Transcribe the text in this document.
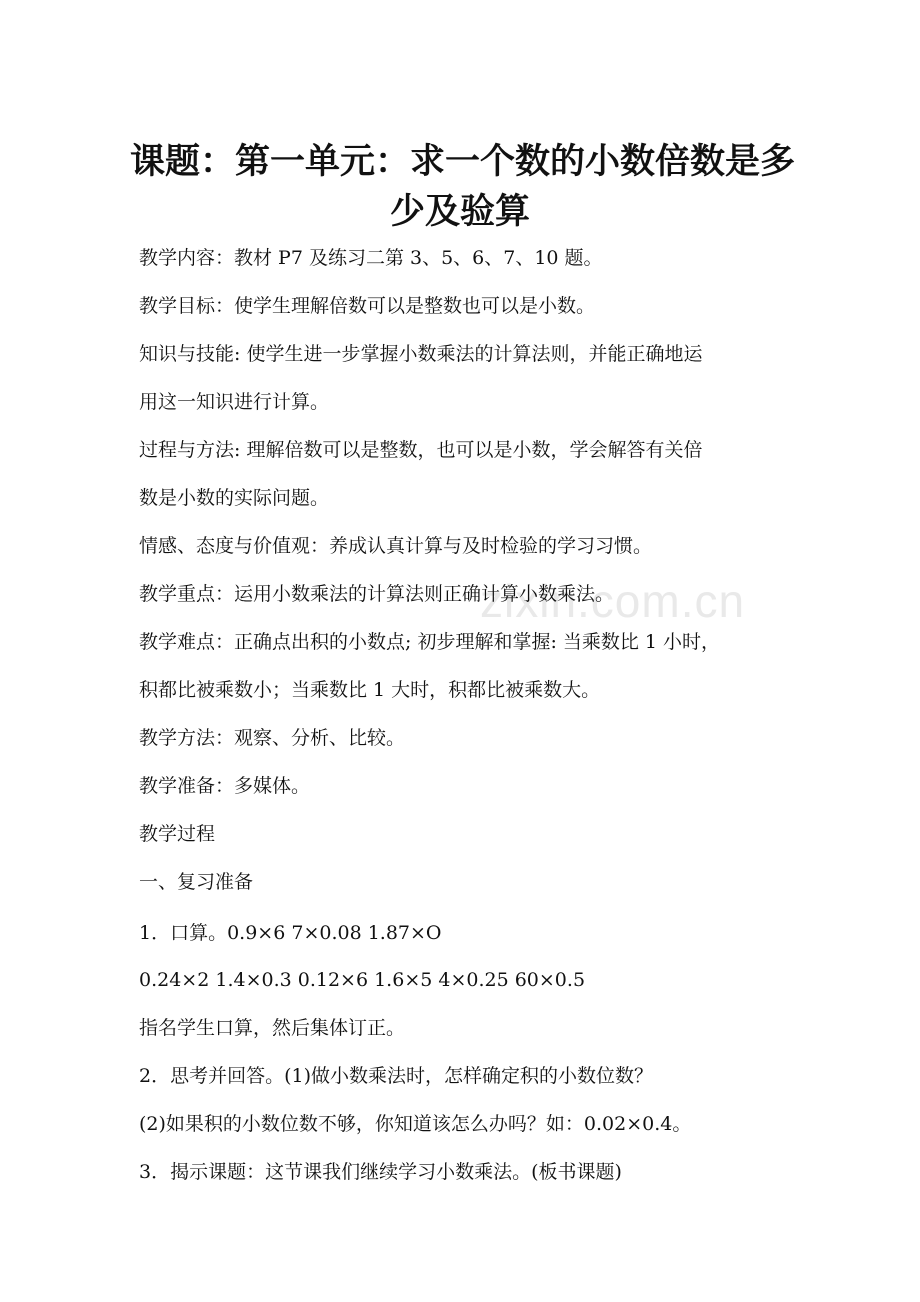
zixin.com.cn
课题：第一单元：求一个数的小数倍数是多
少及验算

教学内容：教材 P7 及练习二第 3、5、6、7、10 题。

教学目标：使学生理解倍数可以是整数也可以是小数。

知识与技能: 使学生进一步掌握小数乘法的计算法则，并能正确地运

用这一知识进行计算。

过程与方法: 理解倍数可以是整数，也可以是小数，学会解答有关倍

数是小数的实际问题。

情感、态度与价值观：养成认真计算与及时检验的学习习惯。

教学重点：运用小数乘法的计算法则正确计算小数乘法。

教学难点：正确点出积的小数点; 初步理解和掌握: 当乘数比 1 小时，

积都比被乘数小；当乘数比 1 大时，积都比被乘数大。

教学方法：观察、分析、比较。

教学准备：多媒体。

教学过程

一、复习准备

1．口算。0.9×6 7×0.08 1.87×O

0.24×2 1.4×0.3 0.12×6 1.6×5 4×0.25 60×0.5

指名学生口算，然后集体订正。

2．思考并回答。(1)做小数乘法时，怎样确定积的小数位数？

(2)如果积的小数位数不够，你知道该怎么办吗？如：0.02×0.4。

3．揭示课题：这节课我们继续学习小数乘法。(板书课题)
